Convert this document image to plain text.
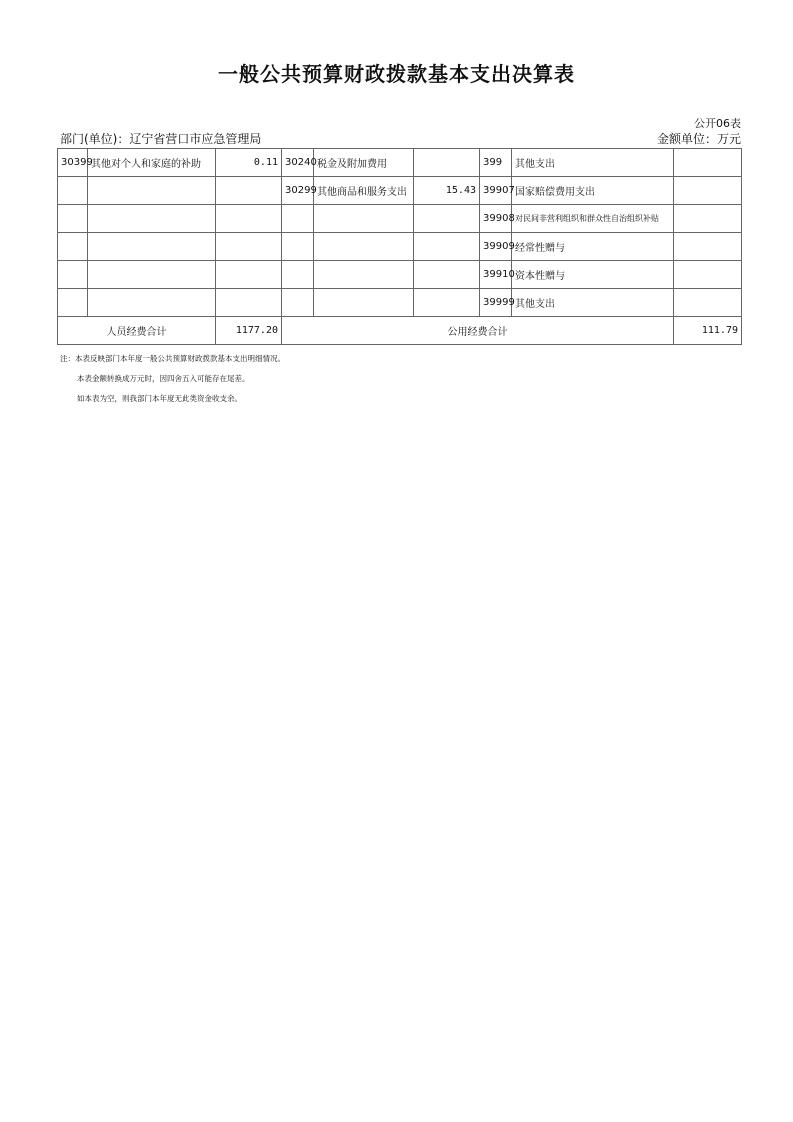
一般公共预算财政拨款基本支出决算表
公开06表
部门(单位)：辽宁省营口市应急管理局	金额单位：万元
30399	其他对个人和家庭的补助	0.11	30240	税金及附加费用		399	其他支出	
			30299	其他商品和服务支出	15.43	39907	国家赔偿费用支出	
						39908	对民间非营利组织和群众性自治组织补贴	
						39909	经常性赠与	
						39910	资本性赠与	
						39999	其他支出	
人员经费合计		1177.20	公用经费合计					111.79
注：本表反映部门本年度一般公共预算财政拨款基本支出明细情况。
本表金额转换成万元时，因四舍五入可能存在尾差。
如本表为空，则我部门本年度无此类资金收支余。
